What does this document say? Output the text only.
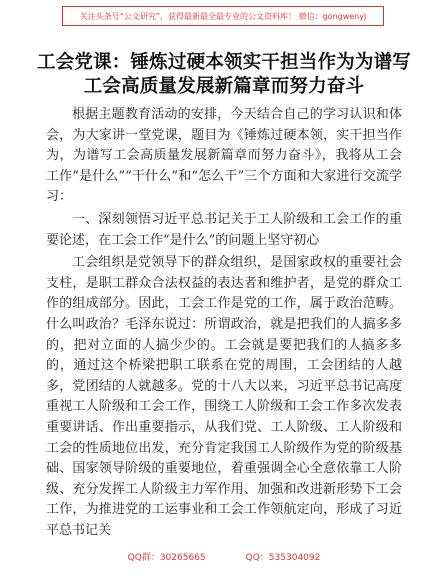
关注头条号“公文研究”，获得最新最全最专业的公文资料库！ 微信：gongwenyj
工会党课：锤炼过硬本领实干担当作为为谱写
工会高质量发展新篇章而努力奋斗

根据主题教育活动的安排，今天结合自己的学习认识和体会，为大家讲一堂党课，题目为《锤炼过硬本领，实干担当作为，为谱写工会高质量发展新篇章而努力奋斗》，我将从工会工作“是什么”“干什么”和“怎么干”三个方面和大家进行交流学习：

一、深刻领悟习近平总书记关于工人阶级和工会工作的重要论述，在工会工作“是什么”的问题上坚守初心

工会组织是党领导下的群众组织，是国家政权的重要社会支柱，是职工群众合法权益的表达者和维护者，是党的群众工作的组成部分。因此，工会工作是党的工作，属于政治范畴。什么叫政治？毛泽东说过：所谓政治，就是把我们的人搞多多的，把对立面的人搞少少的。工会就是要把我们的人搞多多的，通过这个桥梁把职工联系在党的周围，工会团结的人越多，党团结的人就越多。党的十八大以来，习近平总书记高度重视工人阶级和工会工作，围绕工人阶级和工会工作多次发表重要讲话、作出重要指示，从我们党、工人阶级、工人阶级和工会的性质地位出发，充分肯定我国工人阶级作为党的阶级基础、国家领导阶级的重要地位，着重强调全心全意依靠工人阶级、充分发挥工人阶级主力军作用、加强和改进新形势下工会工作，为推进党的工运事业和工会工作领航定向，形成了习近平总书记关

QQ群：30265665	QQ：535304092
